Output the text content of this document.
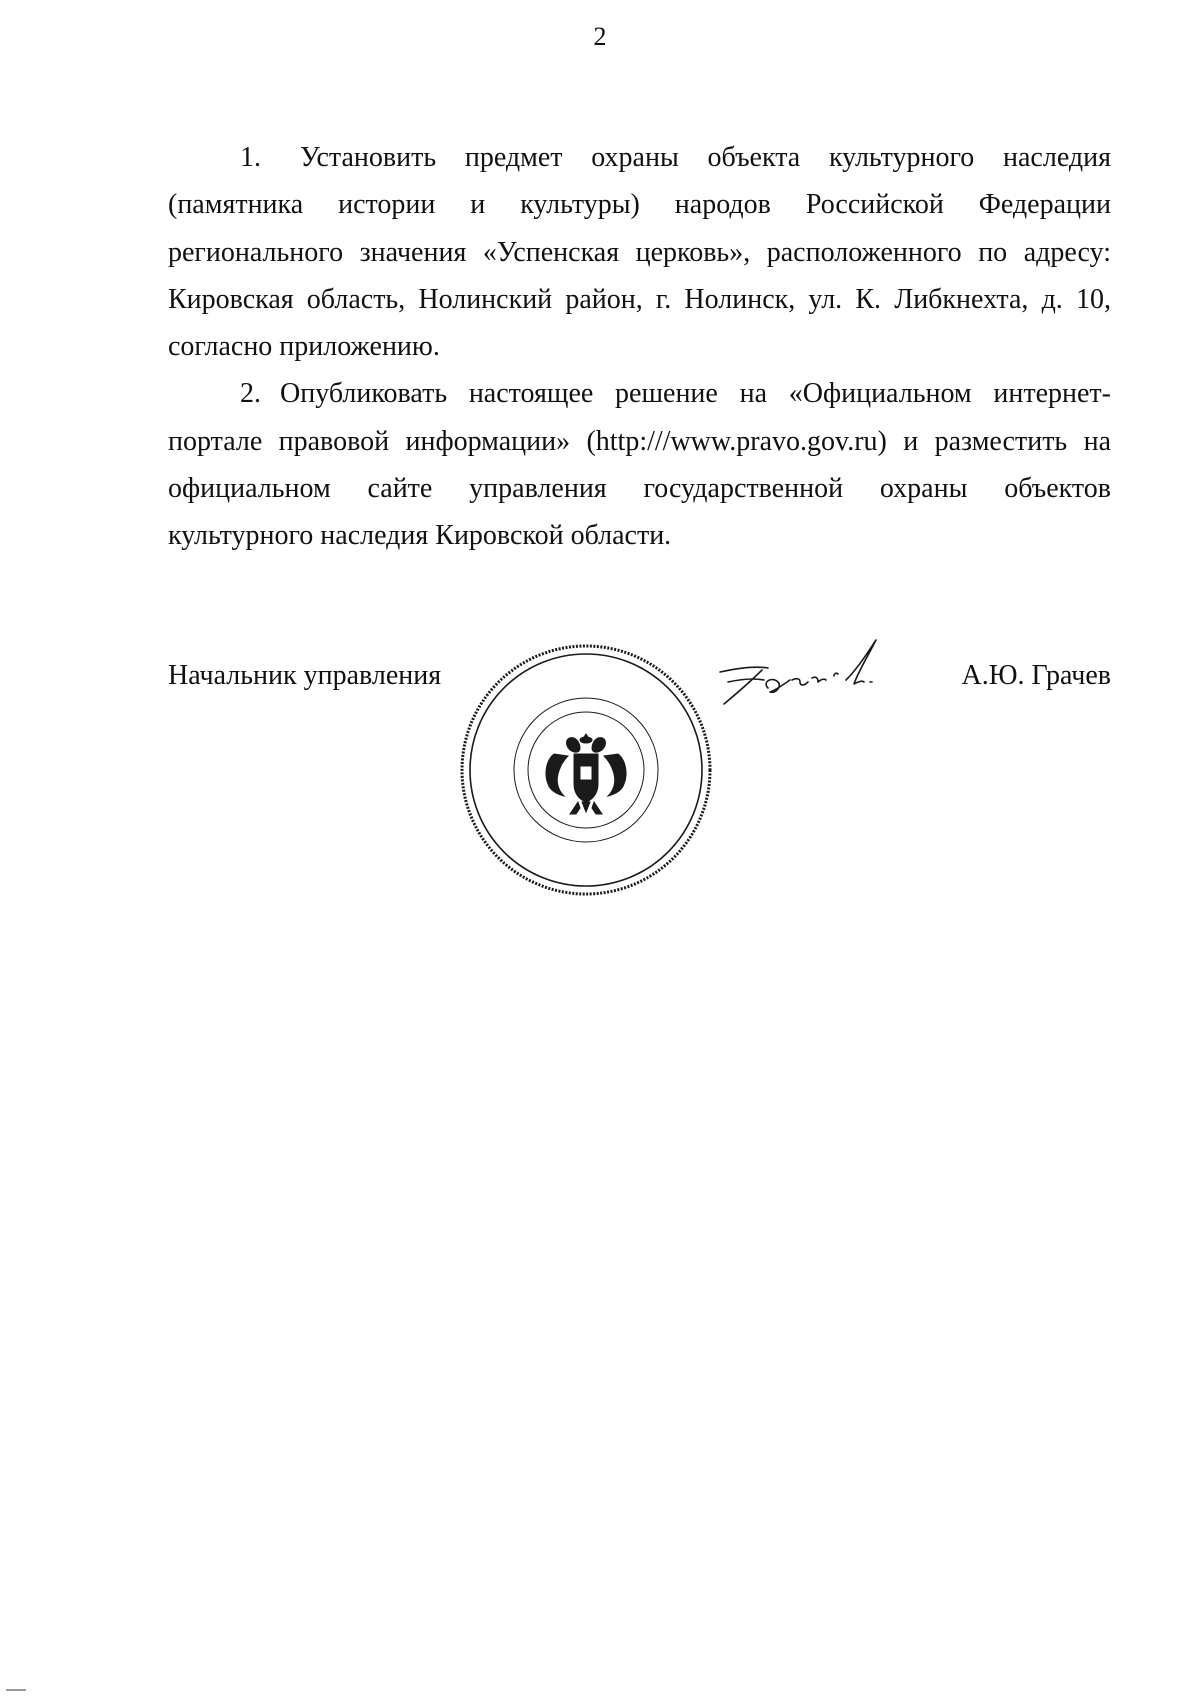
2

1. Установить предмет охраны объекта культурного наследия (памятника истории и культуры) народов Российской Федерации регионального значения «Успенская церковь», расположенного по адресу: Кировская область, Нолинский район, г. Нолинск, ул. К. Либкнехта, д. 10, согласно приложению.

2. Опубликовать настоящее решение на «Официальном интернет-портале правовой информации» (http:///www.pravo.gov.ru) и разместить на официальном сайте управления государственной охраны объектов культурного наследия Кировской области.

Начальник управления	А.Ю. Грачев
